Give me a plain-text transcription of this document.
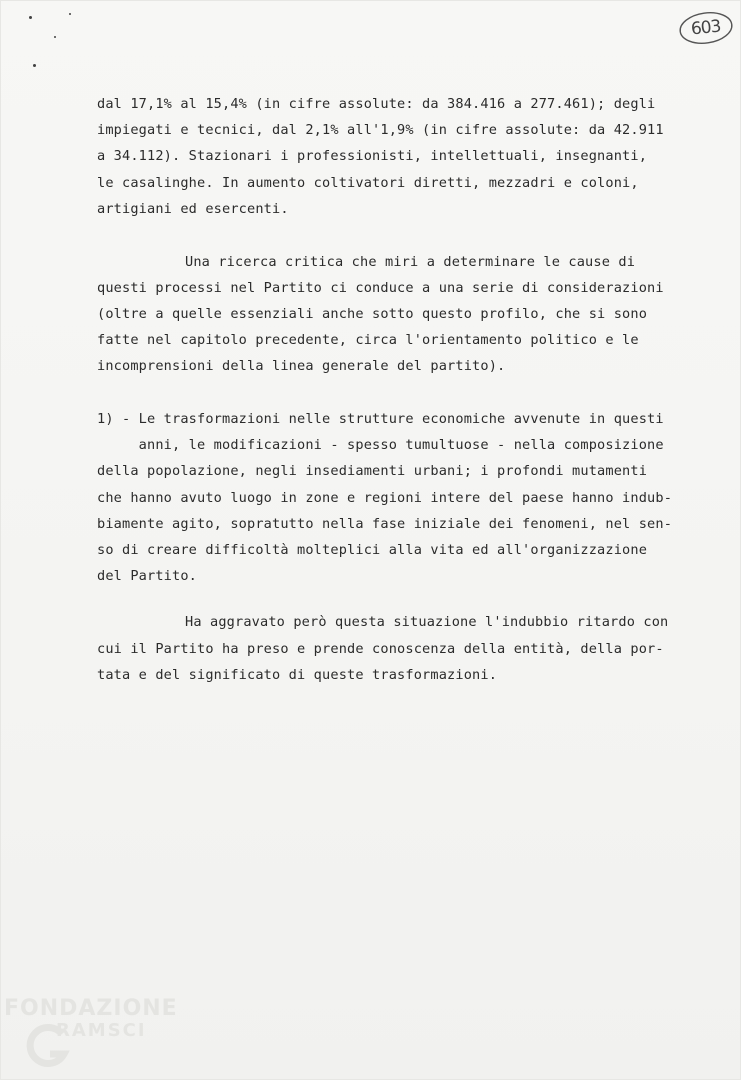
603
dal 17,1% al 15,4% (in cifre assolute: da 384.416 a 277.461); degli
impiegati e tecnici, dal 2,1% all'1,9% (in cifre assolute: da 42.911
a 34.112). Stazionari i professionisti, intellettuali, insegnanti,
le casalinghe. In aumento coltivatori diretti, mezzadri e coloni,
artigiani ed esercenti.
Una ricerca critica che miri a determinare le cause di
questi processi nel Partito ci conduce a una serie di considerazioni
(oltre a quelle essenziali anche sotto questo profilo, che si sono
fatte nel capitolo precedente, circa l'orientamento politico e le
incomprensioni della linea generale del partito).
1) - Le trasformazioni nelle strutture economiche avvenute in questi
anni, le modificazioni - spesso tumultuose - nella composizione
della popolazione, negli insediamenti urbani; i profondi mutamenti
che hanno avuto luogo in zone e regioni intere del paese hanno indub-
biamente agito, sopratutto nella fase iniziale dei fenomeni, nel sen-
so di creare difficoltà molteplici alla vita ed all'organizzazione
del Partito.
Ha aggravato però questa situazione l'indubbio ritardo con
cui il Partito ha preso e prende conoscenza della entità, della por-
tata e del significato di queste trasformazioni.
FONDAZIONE
RAMSCI
